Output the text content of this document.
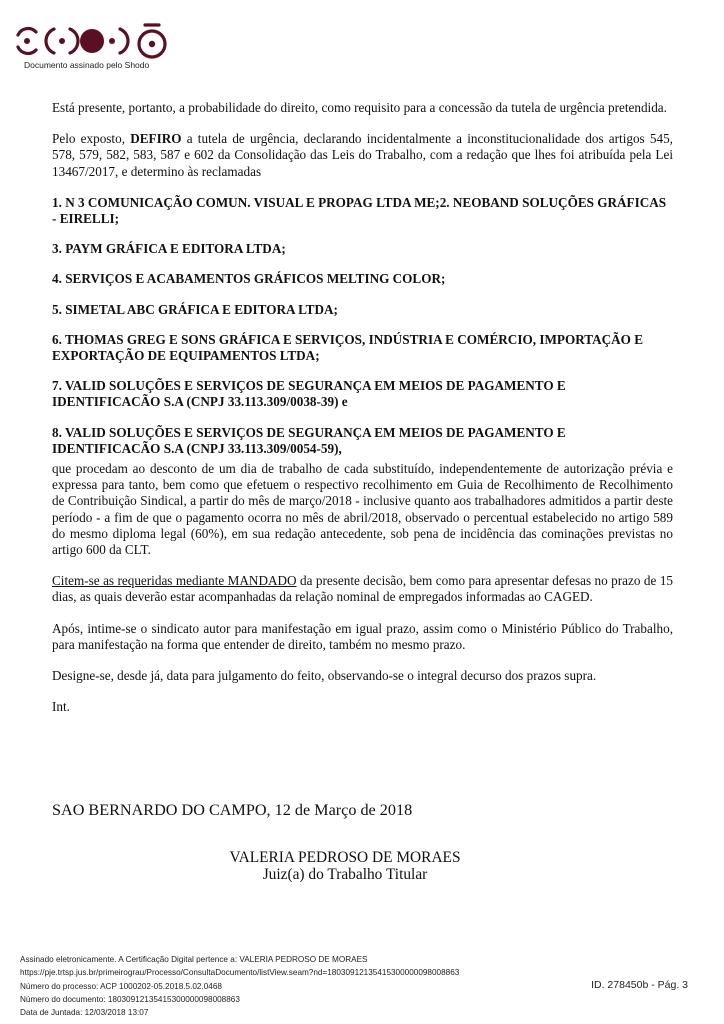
Documento assinado pelo Shodo

Está presente, portanto, a probabilidade do direito, como requisito para a concessão da tutela de urgência pretendida.

Pelo exposto, DEFIRO a tutela de urgência, declarando incidentalmente a inconstitucionalidade dos artigos 545, 578, 579, 582, 583, 587 e 602 da Consolidação das Leis do Trabalho, com a redação que lhes foi atribuída pela Lei 13467/2017, e determino às reclamadas

1. N 3 COMUNICAÇÃO COMUN. VISUAL E PROPAG LTDA ME;2. NEOBAND SOLUÇÕES GRÁFICAS - EIRELLI;

3. PAYM GRÁFICA E EDITORA LTDA;

4. SERVIÇOS E ACABAMENTOS GRÁFICOS MELTING COLOR;

5. SIMETAL ABC GRÁFICA E EDITORA LTDA;

6. THOMAS GREG E SONS GRÁFICA E SERVIÇOS, INDÚSTRIA E COMÉRCIO, IMPORTAÇÃO E EXPORTAÇÃO DE EQUIPAMENTOS LTDA;

7. VALID SOLUÇÕES E SERVIÇOS DE SEGURANÇA EM MEIOS DE PAGAMENTO E IDENTIFICACÃO S.A (CNPJ 33.113.309/0038-39) e

8. VALID SOLUÇÕES E SERVIÇOS DE SEGURANÇA EM MEIOS DE PAGAMENTO E IDENTIFICACÃO S.A (CNPJ 33.113.309/0054-59),

que procedam ao desconto de um dia de trabalho de cada substituído, independentemente de autorização prévia e expressa para tanto, bem como que efetuem o respectivo recolhimento em Guia de Recolhimento de Recolhimento de Contribuição Sindical, a partir do mês de março/2018 - inclusive quanto aos trabalhadores admitidos a partir deste período - a fim de que o pagamento ocorra no mês de abril/2018, observado o percentual estabelecido no artigo 589 do mesmo diploma legal (60%), em sua redação antecedente, sob pena de incidência das cominações previstas no artigo 600 da CLT.

Citem-se as requeridas mediante MANDADO da presente decisão, bem como para apresentar defesas no prazo de 15 dias, as quais deverão estar acompanhadas da relação nominal de empregados informadas ao CAGED.

Após, intime-se o sindicato autor para manifestação em igual prazo, assim como o Ministério Público do Trabalho, para manifestação na forma que entender de direito, também no mesmo prazo.

Designe-se, desde já, data para julgamento do feito, observando-se o integral decurso dos prazos supra.

Int.

SAO BERNARDO DO CAMPO, 12 de Março de 2018
VALERIA PEDROSO DE MORAES
Juiz(a) do Trabalho Titular
Assinado eletronicamente. A Certificação Digital pertence a: VALERIA PEDROSO DE MORAES
https://pje.trtsp.jus.br/primeirograu/Processo/ConsultaDocumento/listView.seam?nd=18030912135415300000098008863
Número do processo: ACP 1000202-05.2018.5.02.0468
Número do documento: 18030912135415300000098008863
Data de Juntada: 12/03/2018 13:07
ID. 278450b - Pág. 3
